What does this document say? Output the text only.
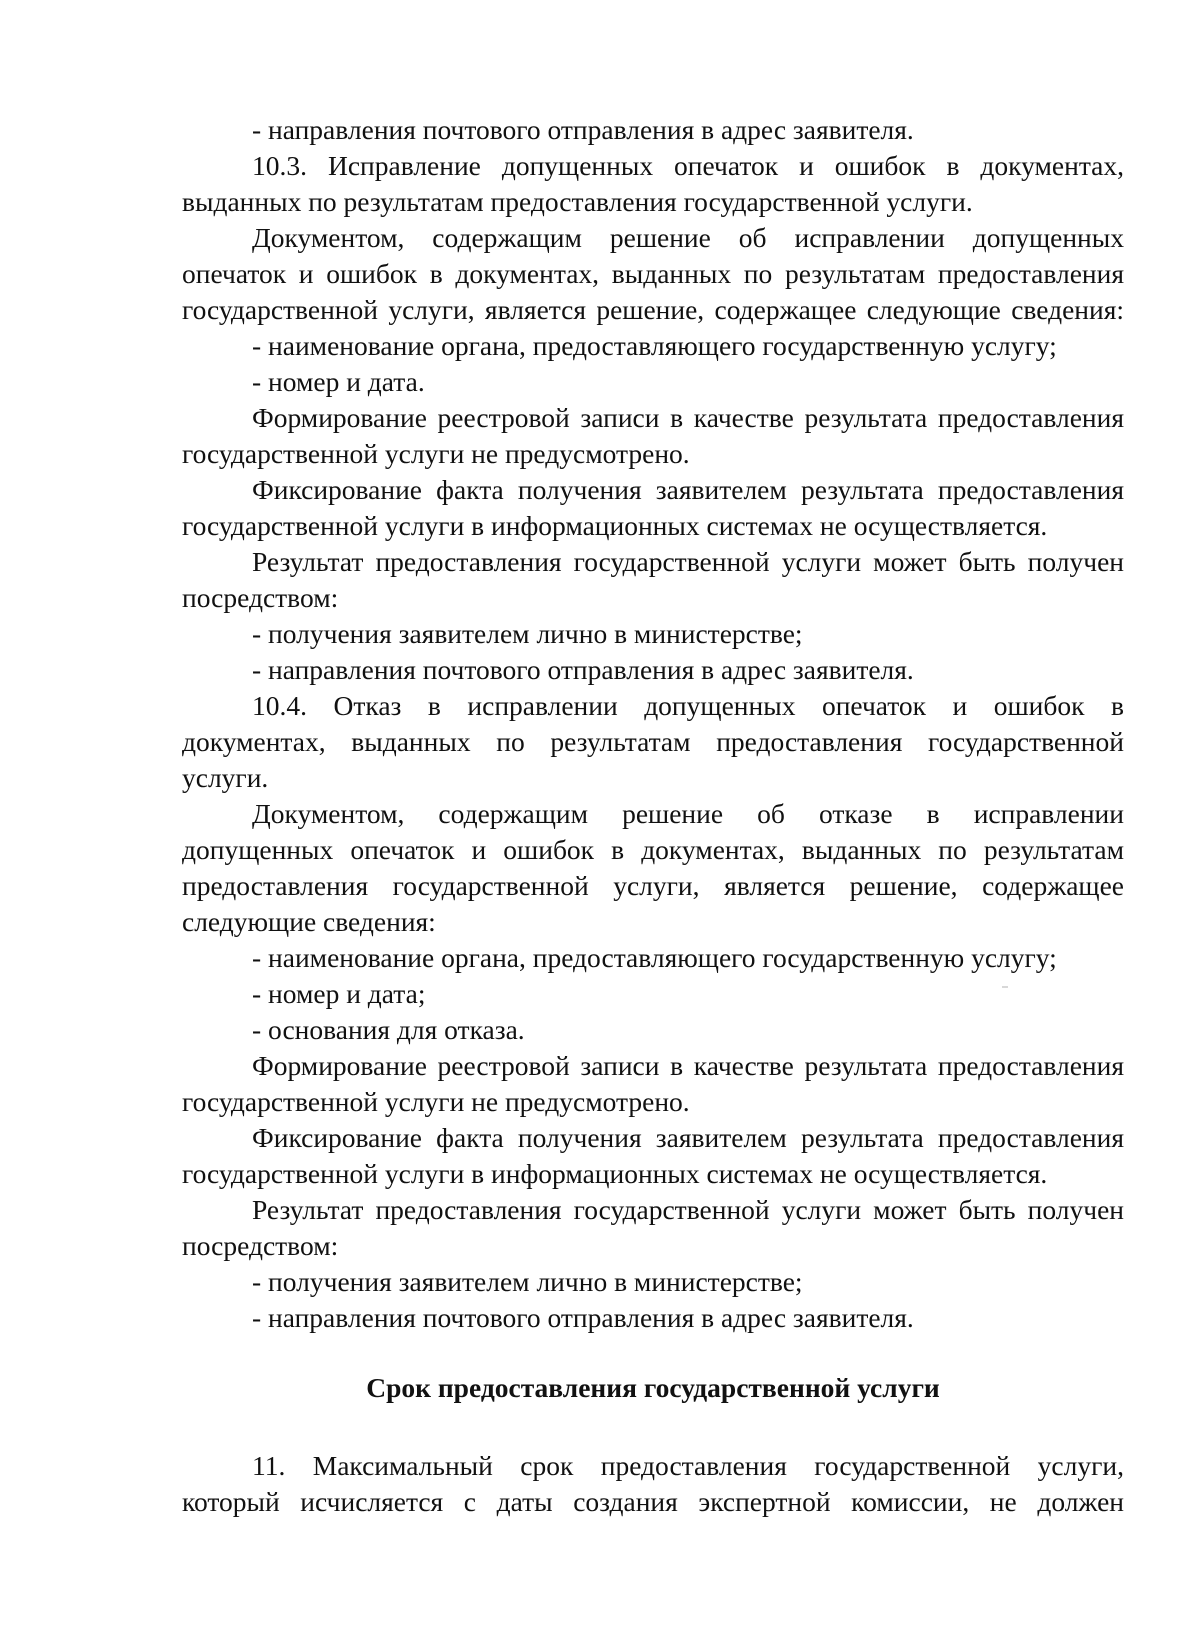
- направления почтового отправления в адрес заявителя.
10.3. Исправление допущенных опечаток и ошибок в документах,
выданных по результатам предоставления государственной услуги.
Документом, содержащим решение об исправлении допущенных
опечаток и ошибок в документах, выданных по результатам предоставления
государственной услуги, является решение, содержащее следующие сведения:
- наименование органа, предоставляющего государственную услугу;
- номер и дата.
Формирование реестровой записи в качестве результата предоставления
государственной услуги не предусмотрено.
Фиксирование факта получения заявителем результата предоставления
государственной услуги в информационных системах не осуществляется.
Результат предоставления государственной услуги может быть получен
посредством:
- получения заявителем лично в министерстве;
- направления почтового отправления в адрес заявителя.
10.4. Отказ в исправлении допущенных опечаток и ошибок в
документах, выданных по результатам предоставления государственной
услуги.
Документом, содержащим решение об отказе в исправлении
допущенных опечаток и ошибок в документах, выданных по результатам
предоставления государственной услуги, является решение, содержащее
следующие сведения:
- наименование органа, предоставляющего государственную услугу;
- номер и дата;
- основания для отказа.
Формирование реестровой записи в качестве результата предоставления
государственной услуги не предусмотрено.
Фиксирование факта получения заявителем результата предоставления
государственной услуги в информационных системах не осуществляется.
Результат предоставления государственной услуги может быть получен
посредством:
- получения заявителем лично в министерстве;
- направления почтового отправления в адрес заявителя.
Срок предоставления государственной услуги
11. Максимальный срок предоставления государственной услуги,
который исчисляется с даты создания экспертной комиссии, не должен
